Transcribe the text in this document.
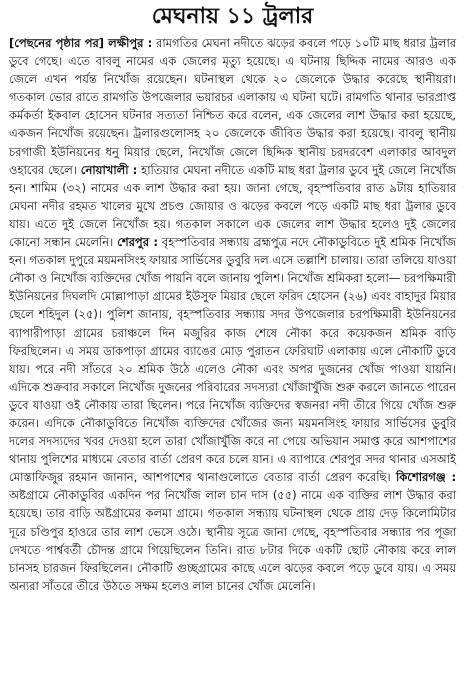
মেঘনায় ১১ ট্রলার
[পেছনের পৃষ্ঠার পর] লক্ষীপুর : রামগতির মেঘনা নদীতে ঝড়ের কবলে পড়ে ১০টি মাছ ধরার ট্রলার ডুবে গেছে। এতে বাবলু নামের এক জেলের মৃত্যু হয়েছে। এ ঘটনায় ছিদ্দিক নামের আরও এক জেলে এখন পর্যন্ত নিখোঁজ রয়েছেন। ঘটনাস্থল থেকে ২০ জেলেকে উদ্ধার করেছে স্থানীয়রা। গতকাল ভোর রাতে রামগতি উপজেলার ভয়ারচর এলাকায় এ ঘটনা ঘটে। রামগতি থানার ভারপ্রাপ্ত কর্মকর্তা ইকবাল হোসেন ঘটনার সত্যতা নিশ্চিত করে বলেন, এক জেলের লাশ উদ্ধার করা হয়েছে, একজন নিখোঁজ রয়েছেন। ট্রলারগুলোসহ ২০ জেলেকে জীবিত উদ্ধার করা হয়েছে। বাবলু স্থানীয় চরগাজী ইউনিয়নের ধনু মিয়ার ছেলে, নিখোঁজ জেলে ছিদ্দিক স্থানীয় চরদরবেশ এলাকার আবদুল ওহাবের ছেলে। নোয়াখালী : হাতিয়ার মেঘনা নদীতে একটি মাছ ধরা ট্রলার ডুবে দুই জেলে নিখোঁজ হন। শামিম (৩২) নামের এক লাশ উদ্ধার করা হয়। জানা গেছে, বৃহস্পতিবার রাত ৯টায় হাতিয়ার মেঘনা নদীর রহমত খালের মুখে প্রচণ্ড জোয়ার ও ঝড়ের কবলে পড়ে একটি মাছ ধরা ট্রলার ডুবে যায়। এতে দুই জেলে নিখোঁজ হয়। গতকাল সকালে এক জেলের লাশ উদ্ধার হলেও দুই জেলের কোনো সন্ধান মেলেনি। শেরপুর : বৃহস্পতিবার সন্ধ্যায় ব্রহ্মপুত্র নদে নৌকাডুবিতে দুই শ্রমিক নিখোঁজ হন। গতকাল দুপুরে ময়মনসিংহ ফায়ার সার্ভিসের ডুবুরি দল এসে তল্লাশি চালায়। তারা তলিয়ে যাওয়া নৌকা ও নিখোঁজ ব্যক্তিদের খোঁজ পায়নি বলে জানায় পুলিশ। নিখোঁজ শ্রমিকরা হলো— চরপক্ষিমারী ইউনিয়নের দিঘলদি মোল্লাপাড়া গ্রামের ইউসুফ মিয়ার ছেলে ফরিদ হোসেন (২৬) এবং বাহাদুর মিয়ার ছেলে শহিদুল (২৫)। পুলিশ জানায়, বৃহস্পতিবার সন্ধ্যায় সদর উপজেলার চরপক্ষিমারী ইউনিয়নের ব্যাপারীপাড়া গ্রামের চরাঞ্চলে দিন মজুরির কাজ শেষে নৌকা করে কয়েকজন শ্রমিক বাড়ি ফিরছিলেন। এ সময় ডাকপাড়া গ্রামের ব্যাঙের মোড় পুরাতন ফেরিঘাট এলাকায় এলে নৌকাটি ডুবে যায়। পরে নদী সাঁতরে ২০ শ্রমিক উঠে এলেও নৌকা এবং অপর দুজনের খোঁজ পাওয়া যায়নি। এদিকে শুক্রবার সকালে নিখোঁজ দুজনের পরিবারের সদস্যরা খোঁজাখুঁজি শুরু করলে জানতে পারেন ডুবে যাওয়া ওই নৌকায় তারা ছিলেন। পরে নিখোঁজ ব্যক্তিদের স্বজনরা নদী তীরে গিয়ে খোঁজ শুরু করেন। এদিকে নৌকাডুবিতে নিখোঁজ ব্যক্তিদের খোঁজের জন্য ময়মনসিংহ ফায়ার সার্ভিসের ডুবুরি দলের সদস্যদের খবর দেওয়া হলে তারা খোঁজাখুঁজি করে না পেয়ে অভিযান সমাপ্ত করে আশপাশের থানায় পুলিশের মাধ্যমে বেতার বার্তা প্রেরণ করে চলে যান। এ ব্যাপারে শেরপুর সদর থানার এসআই মোস্তাফিজুর রহমান জানান, আশপাশের থানাগুলোতে বেতার বার্তা প্রেরণ করেছি। কিশোরগঞ্জ : অষ্টগ্রামে নৌকাডুবির একদিন পর নিখোঁজ লাল চান দাস (৫৫) নামে এক ব্যক্তির লাশ উদ্ধার করা হয়েছে। তার বাড়ি অষ্টগ্রামের কলমা গ্রামে। গতকাল সন্ধ্যায় ঘটনাস্থল থেকে প্রায় দেড় কিলোমিটার দূরে চণ্ডিপুর হাওরে তার লাশ ভেসে ওঠে। স্থানীয় সূত্রে জানা গেছে, বৃহস্পতিবার সন্ধ্যার পর পূজা দেখতে পার্শ্ববর্তী চৌদন্ত গ্রামে গিয়েছিলেন তিনি। রাত ৮টার দিকে একটি ছোট নৌকায় করে লাল চানসহ চারজন ফিরছিলেন। নৌকাটি গুচ্ছগ্রামের কাছে এলে ঝড়ের কবলে পড়ে ডুবে যায়। এ সময় অন্যরা সাঁতরে তীরে উঠতে সক্ষম হলেও লাল চানের খোঁজ মেলেনি।
